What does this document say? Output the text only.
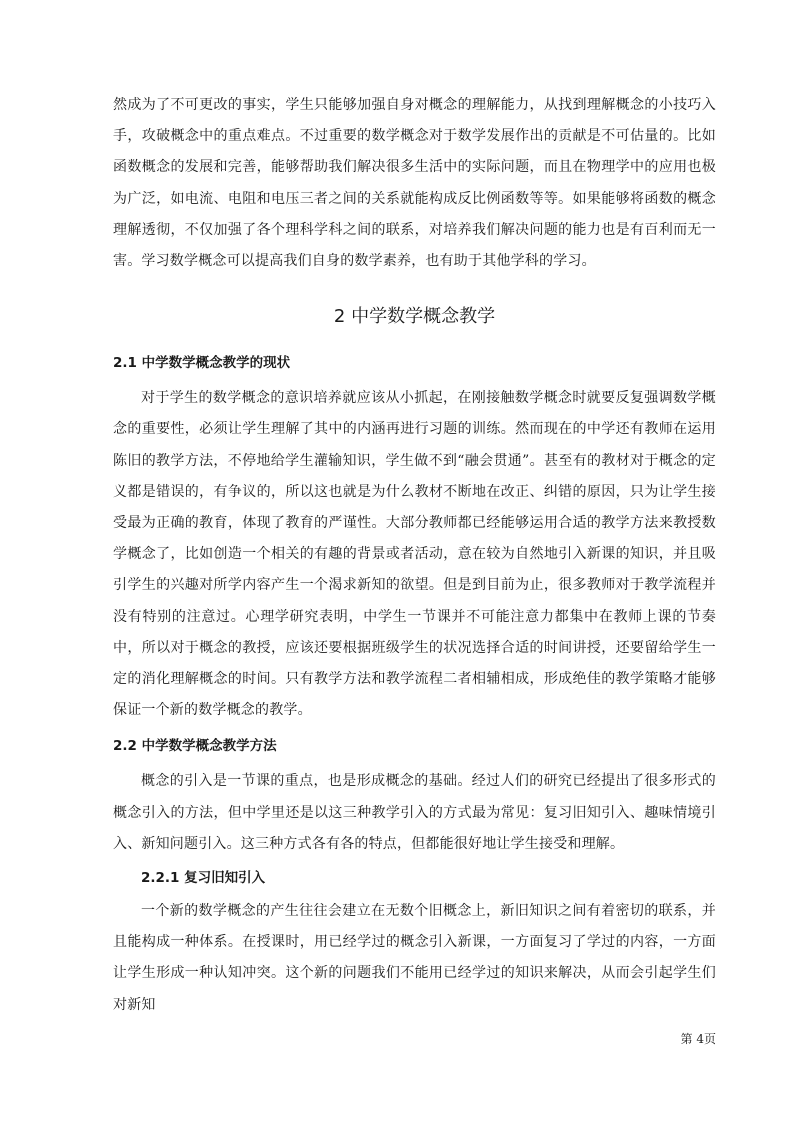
然成为了不可更改的事实，学生只能够加强自身对概念的理解能力，从找到理解概念的小技巧入手，攻破概念中的重点难点。不过重要的数学概念对于数学发展作出的贡献是不可估量的。比如函数概念的发展和完善，能够帮助我们解决很多生活中的实际问题，而且在物理学中的应用也极为广泛，如电流、电阻和电压三者之间的关系就能构成反比例函数等等。如果能够将函数的概念理解透彻，不仅加强了各个理科学科之间的联系，对培养我们解决问题的能力也是有百利而无一害。学习数学概念可以提高我们自身的数学素养，也有助于其他学科的学习。

2 中学数学概念教学
2.1 中学数学概念教学的现状

对于学生的数学概念的意识培养就应该从小抓起，在刚接触数学概念时就要反复强调数学概念的重要性，必须让学生理解了其中的内涵再进行习题的训练。然而现在的中学还有教师在运用陈旧的教学方法，不停地给学生灌输知识，学生做不到“融会贯通”。甚至有的教材对于概念的定义都是错误的，有争议的，所以这也就是为什么教材不断地在改正、纠错的原因，只为让学生接受最为正确的教育，体现了教育的严谨性。大部分教师都已经能够运用合适的教学方法来教授数学概念了，比如创造一个相关的有趣的背景或者活动，意在较为自然地引入新课的知识，并且吸引学生的兴趣对所学内容产生一个渴求新知的欲望。但是到目前为止，很多教师对于教学流程并没有特别的注意过。心理学研究表明，中学生一节课并不可能注意力都集中在教师上课的节奏中，所以对于概念的教授，应该还要根据班级学生的状况选择合适的时间讲授，还要留给学生一定的消化理解概念的时间。只有教学方法和教学流程二者相辅相成，形成绝佳的教学策略才能够保证一个新的数学概念的教学。

2.2 中学数学概念教学方法

概念的引入是一节课的重点，也是形成概念的基础。经过人们的研究已经提出了很多形式的概念引入的方法，但中学里还是以这三种教学引入的方式最为常见：复习旧知引入、趣味情境引入、新知问题引入。这三种方式各有各的特点，但都能很好地让学生接受和理解。

2.2.1 复习旧知引入

一个新的数学概念的产生往往会建立在无数个旧概念上，新旧知识之间有着密切的联系，并且能构成一种体系。在授课时，用已经学过的概念引入新课，一方面复习了学过的内容，一方面让学生形成一种认知冲突。这个新的问题我们不能用已经学过的知识来解决，从而会引起学生们对新知

第 4页
